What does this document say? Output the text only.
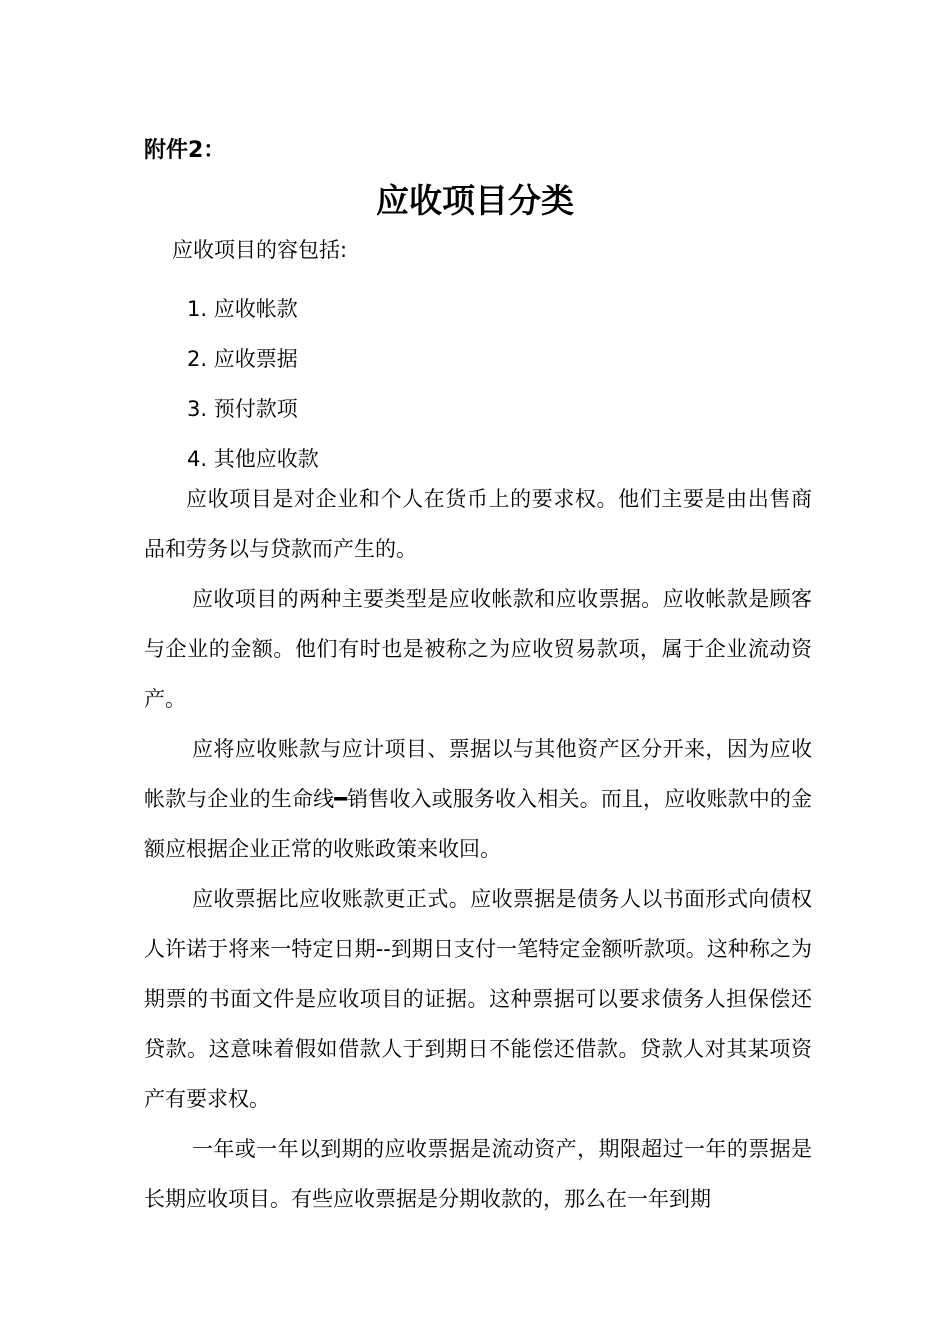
附件2：
应收项目分类

应收项目的容包括:

1. 应收帐款
2. 应收票据
3. 预付款项
4. 其他应收款

应收项目是对企业和个人在货币上的要求权。他们主要是由出售商品和劳务以与贷款而产生的。

应收项目的两种主要类型是应收帐款和应收票据。应收帐款是顾客与企业的金额。他们有时也是被称之为应收贸易款项，属于企业流动资产。

应将应收账款与应计项目、票据以与其他资产区分开来，因为应收帐款与企业的生命线━销售收入或服务收入相关。而且，应收账款中的金额应根据企业正常的收账政策来收回。

应收票据比应收账款更正式。应收票据是债务人以书面形式向债权人许诺于将来一特定日期--到期日支付一笔特定金额听款项。这种称之为期票的书面文件是应收项目的证据。这种票据可以要求债务人担保偿还贷款。这意味着假如借款人于到期日不能偿还借款。贷款人对其某项资产有要求权。

一年或一年以到期的应收票据是流动资产，期限超过一年的票据是长期应收项目。有些应收票据是分期收款的，那么在一年到期
